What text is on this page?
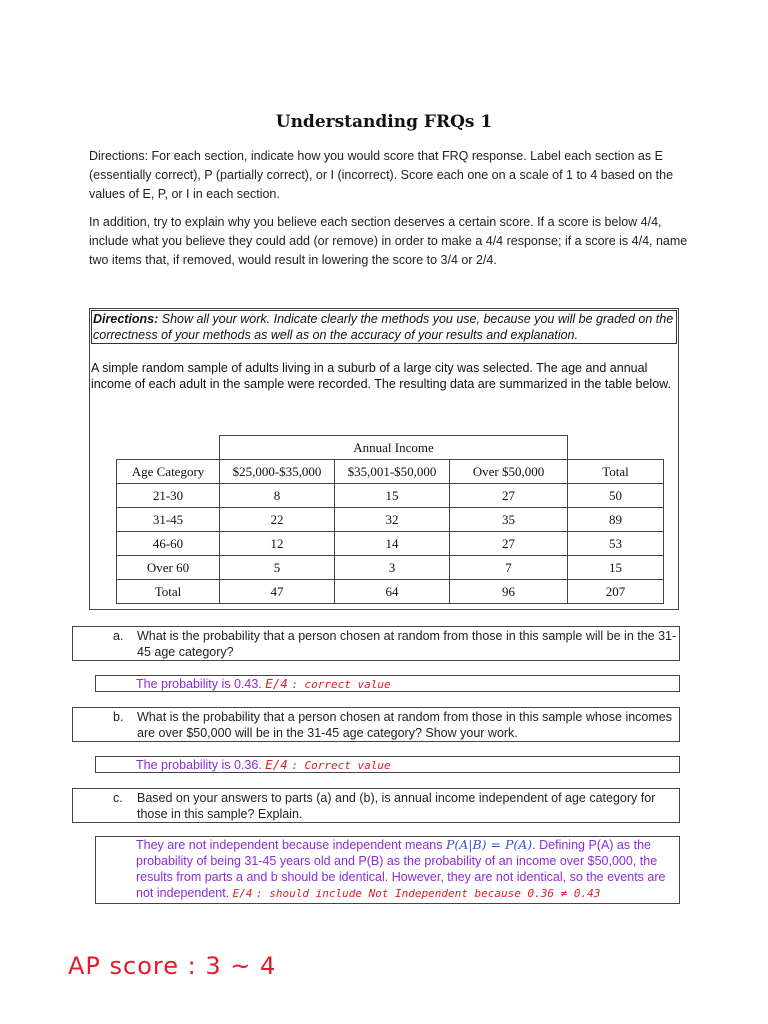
Understanding FRQs 1

Directions: For each section, indicate how you would score that FRQ response. Label each section as E (essentially correct), P (partially correct), or I (incorrect). Score each one on a scale of 1 to 4 based on the values of E, P, or I in each section.

In addition, try to explain why you believe each section deserves a certain score. If a score is below 4/4, include what you believe they could add (or remove) in order to make a 4/4 response; if a score is 4/4, name two items that, if removed, would result in lowering the score to 3/4 or 2/4.

Directions: Show all your work. Indicate clearly the methods you use, because you will be graded on the correctness of your methods as well as on the accuracy of your results and explanation.

A simple random sample of adults living in a suburb of a large city was selected. The age and annual income of each adult in the sample were recorded. The resulting data are summarized in the table below.

	Annual Income			
Age Category	$25,000-$35,000	$35,001-$50,000	Over $50,000	Total
21-30	8	15	27	50
31-45	22	32	35	89
46-60	12	14	27	53
Over 60	5	3	7	15
Total	47	64	96	207
a. What is the probability that a person chosen at random from those in this sample will be in the 31-45 age category?
The probability is 0.43. E/4 : correct value
b. What is the probability that a person chosen at random from those in this sample whose incomes are over $50,000 will be in the 31-45 age category? Show your work.
The probability is 0.36. E/4 : Correct value
c. Based on your answers to parts (a) and (b), is annual income independent of age category for those in this sample? Explain.
They are not independent because independent means P(A|B) = P(A). Defining P(A) as the probability of being 31-45 years old and P(B) as the probability of an income over $50,000, the results from parts a and b should be identical. However, they are not identical, so the events are not independent. E/4 : should include Not Independent because 0.36 ≠ 0.43
AP score : 3 ~ 4
